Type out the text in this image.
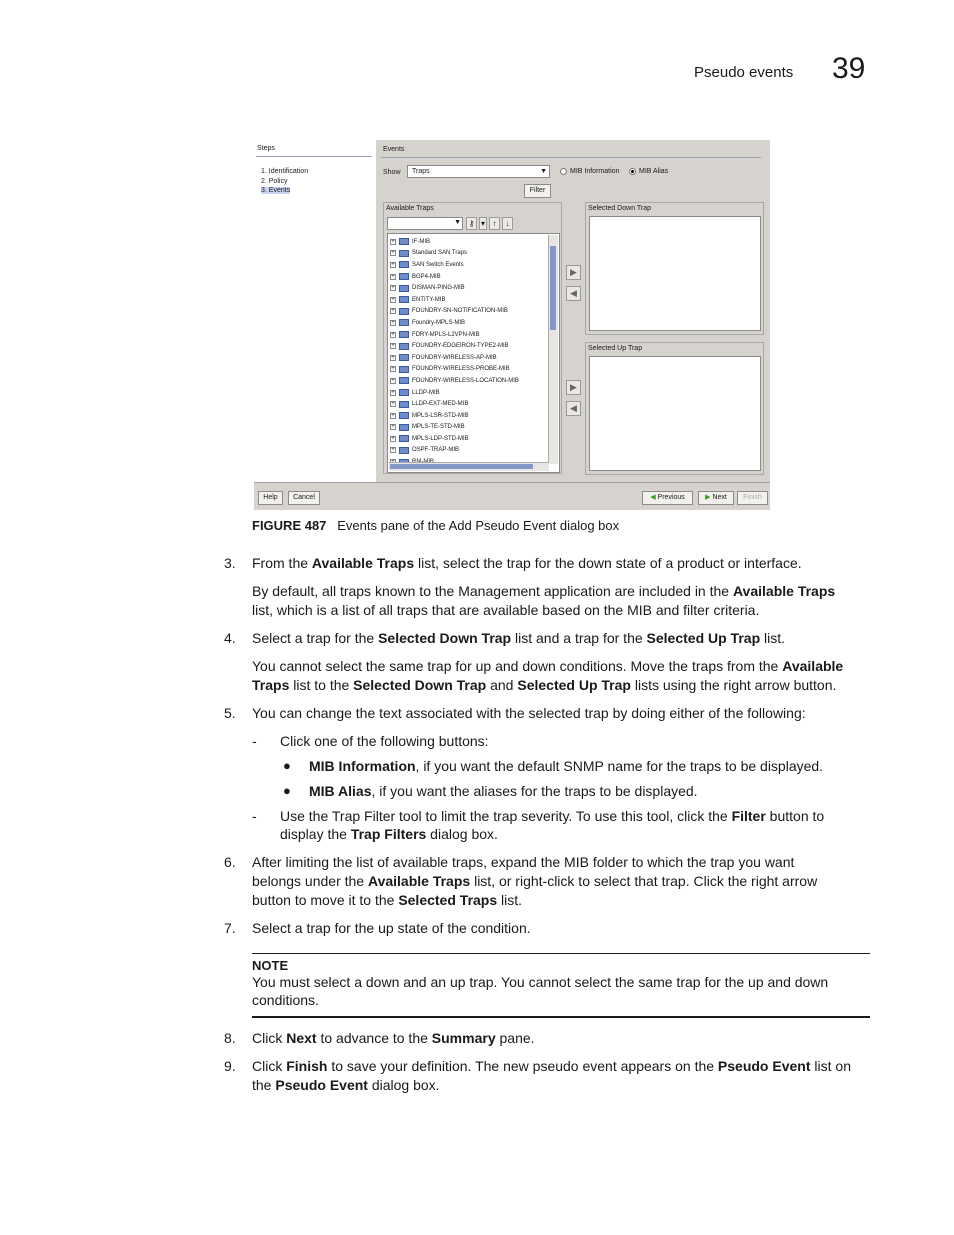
Pseudo events 39
Steps
1. Identification
2. Policy
3. Events
Events
Show	Traps	▼	MIB Information	MIB Alias
Filter
Available Traps
▼ ⚷ ▾ ↑	↓
+	IF-MIB
+	Standard SAN Traps
+	SAN Switch Events
+	BGP4-MIB
+	DISMAN-PING-MIB
+	ENTITY-MIB
+	FOUNDRY-SN-NOTIFICATION-MIB
+	Foundry-MPLS-MIB
+	FDRY-MPLS-L2VPN-MIB
+	FOUNDRY-EDGEIRON-TYPE2-MIB
+	FOUNDRY-WIRELESS-AP-MIB
+	FOUNDRY-WIRELESS-PROBE-MIB
+	FOUNDRY-WIRELESS-LOCATION-MIB
+	LLDP-MIB
+	LLDP-EXT-MED-MIB
+	MPLS-LSR-STD-MIB
+	MPLS-TE-STD-MIB
+	MPLS-LDP-STD-MIB
+	OSPF-TRAP-MIB
▶
◀
▶
◀
Selected Down Trap
Selected Up Trap
Help	Cancel	◀ Previous	▶ Next	Finish
FIGURE 487 Events pane of the Add Pseudo Event dialog box
3. From the Available Traps list, select the trap for the down state of a product or interface.
By default, all traps known to the Management application are included in the Available Traps
list, which is a list of all traps that are available based on the MIB and filter criteria.
4. Select a trap for the Selected Down Trap list and a trap for the Selected Up Trap list.
You cannot select the same trap for up and down conditions. Move the traps from the Available
Traps list to the Selected Down Trap and Selected Up Trap lists using the right arrow button.
5. You can change the text associated with the selected trap by doing either of the following:
- Click one of the following buttons:
● MIB Information, if you want the default SNMP name for the traps to be displayed.
● MIB Alias, if you want the aliases for the traps to be displayed.
- Use the Trap Filter tool to limit the trap severity. To use this tool, click the Filter button to
display the Trap Filters dialog box.
6. After limiting the list of available traps, expand the MIB folder to which the trap you want
belongs under the Available Traps list, or right-click to select that trap. Click the right arrow
button to move it to the Selected Traps list.
7. Select a trap for the up state of the condition.
NOTE
You must select a down and an up trap. You cannot select the same trap for the up and down
conditions.
8. Click Next to advance to the Summary pane.
9. Click Finish to save your definition. The new pseudo event appears on the Pseudo Event list on
the Pseudo Event dialog box.
